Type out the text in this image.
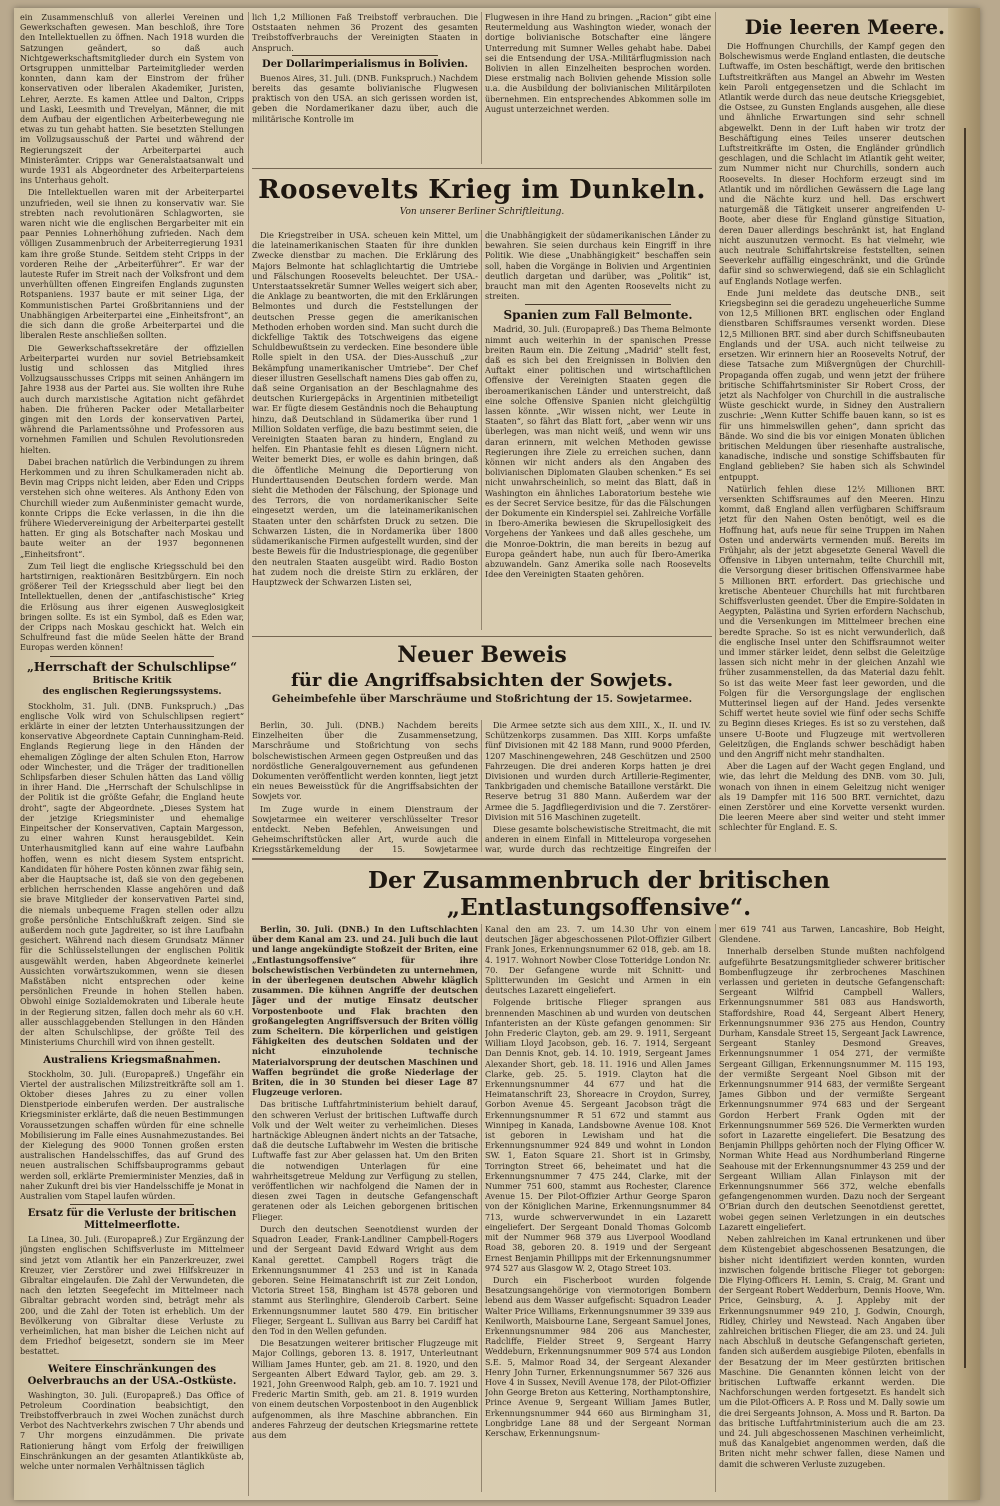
ein Zusammenschluß von allerlei Vereinen und Gewerkschaften gewesen. Man beschloß, ihre Tore den Intellektuellen zu öffnen. Nach 1918 wurden die Satzungen geändert, so daß auch Nichtgewerkschaftsmitglieder durch ein System von Ortsgruppen unmittelbar Parteimitglieder werden konnten, dann kam der Einstrom der früher konservativen oder liberalen Akademiker, Juristen, Lehrer, Aerzte. Es kamen Attlee und Dalton, Cripps und Laski, Leesmith und Trevelyan, Männer, die mit dem Aufbau der eigentlichen Arbeiterbewegung nie etwas zu tun gehabt hatten. Sie besetzten Stellungen im Vollzugsausschuß der Partei und während der Regierungszeit der Arbeiterpartei auch Ministerämter. Cripps war Generalstaatsanwalt und wurde 1931 als Abgeordneter des Arbeiterparteiens ins Unterhaus geholt.

Die Intellektuellen waren mit der Arbeiterpartei unzufrieden, weil sie ihnen zu konservativ war. Sie strebten nach revolutionären Schlagworten, sie waren nicht wie die englischen Bergarbeiter mit ein paar Pennies Lohnerhöhung zufrieden. Nach dem völligen Zusammenbruch der Arbeiterregierung 1931 kam ihre große Stunde. Seitdem steht Cripps in der vorderen Reihe der „Arbeiterführer“. Er war der lauteste Rufer im Streit nach der Volksfront und dem unverhüllten offenen Eingreifen Englands zugunsten Rotspaniens. 1937 baute er mit seiner Liga, der Kommunistischen Partei Großbritanniens und der Unabhängigen Arbeiterpartei eine „Einheitsfront“, an die sich dann die große Arbeiterpartei und die liberalen Reste anschließen sollten.

Die Gewerkschaftssekretäre der offiziellen Arbeiterpartei wurden nur soviel Betriebsamkeit lustig und schlossen das Mitglied ihres Vollzugsausschusses Cripps mit seinen Anhängern im Jahre 1938 aus der Partei aus. Sie wollten ihre Ruhe auch durch marxistische Agitation nicht gefährdet haben. Die früheren Packer oder Metallarbeiter gingen mit den Lords der konservativen Partei, während die Parlamentssöhne und Professoren aus vornehmen Familien und Schulen Revolutionsreden hielten.

Dabei brachen natürlich die Verbindungen zu ihrem Herkommen und zu ihren Schulkameraden nicht ab. Bevin mag Cripps nicht leiden, aber Eden und Cripps verstehen sich ohne weiteres. Als Anthony Eden von Churchill wieder zum Außenminister gemacht wurde, konnte Cripps die Ecke verlassen, in die ihn die frühere Wiedervereinigung der Arbeiterpartei gestellt hatten. Er ging als Botschafter nach Moskau und baute weiter an der 1937 begonnenen „Einheitsfront“.

Zum Teil liegt die englische Kriegsschuld bei den hartstirnigen, reaktionären Besitzbürgern. Ein noch größerer Teil der Kriegsschuld aber liegt bei den Intellektuellen, denen der „antifaschistische“ Krieg die Erlösung aus ihrer eigenen Ausweglosigkeit bringen sollte. Es ist ein Symbol, daß es Eden war, der Cripps nach Moskau geschickt hat. Welch ein Schulfreund fast die müde Seelen hätte der Brand Europas werden können!

„Herrschaft der Schulschlipse“
Britische Kritik
des englischen Regierungssystems.

Stockholm, 31. Juli. (DNB. Funkspruch.) „Das englische Volk wird von Schulschlipsen regiert“ erklärte in einer der letzten Unterhaussitzungen der konservative Abgeordnete Captain Cunningham-Reid. Englands Regierung liege in den Händen der ehemaligen Zöglinge der alten Schulen Eton, Harrow oder Winchester, und die Träger der traditionellen Schlipsfarben dieser Schulen hätten das Land völlig in ihrer Hand. Die „Herrschaft der Schulschlipse in der Politik ist die größte Gefahr, die England heute droht“, sagte der Abgeordnete. „Dieses System hat der jetzige Kriegsminister und ehemalige Einpeitscher der Konservativen, Captain Margesson, zu einer wahren Kunst herausgebildet. Kein Unterhausmitglied kann auf eine wahre Laufbahn hoffen, wenn es nicht diesem System entspricht. Kandidaten für höhere Posten können zwar fähig sein, aber die Hauptsache ist, daß sie von den gegebenen erblichen herrschenden Klasse angehören und daß sie brave Mitglieder der konservativen Partei sind, die niemals unbequeme Fragen stellen oder allzu große persönliche Entschlußkraft zeigen. Sind sie außerdem noch gute Jagdreiter, so ist ihre Laufbahn gesichert. Während nach diesem Grundsatz Männer für die Schlüsselstellungen der englischen Politik ausgewählt werden, haben Abgeordnete keinerlei Aussichten vorwärtszukommen, wenn sie diesen Maßstäben nicht entsprechen oder keine persönlichen Freunde in hohen Stellen haben. Obwohl einige Sozialdemokraten und Liberale heute in der Regierung sitzen, fallen doch mehr als 60 v.H. aller ausschlaggebenden Stellungen in den Händen der alten Schulschlipse, der größte Teil des Ministeriums Churchill wird von ihnen gestellt.

Australiens Kriegsmaßnahmen.

Stockholm, 30. Juli. (Europapreß.) Ungefähr ein Viertel der australischen Milizstreitkräfte soll am 1. Oktober dieses Jahres zu zu einer vollen Dienstperiode einberufen werden. Der australische Kriegsminister erklärte, daß die neuen Bestimmungen Voraussetzungen schaffen würden für eine schnelle Mobilisierung im Falle eines Ausnahmezustandes. Bei der Kielegung des 9000 Tonnen großen ersten australischen Handelsschiffes, das auf Grund des neuen australischen Schiffsbauprogramms gebaut werden soll, erklärte Premierminister Menzies, daß in naher Zukunft drei bis vier Handelsschiffe je Monat in Australien vom Stapel laufen würden.

Ersatz für die Verluste der britischen Mittelmeerflotte.

La Linea, 30. Juli. (Europapreß.) Zur Ergänzung der jüngsten englischen Schiffsverluste im Mittelmeer sind jetzt vom Atlantik her ein Panzerkreuzer, zwei Kreuzer, vier Zerstörer und zwei Hilfskreuzer in Gibraltar eingelaufen. Die Zahl der Verwundeten, die nach den letzten Seegefecht im Mittelmeer nach Gibraltar gebracht worden sind, beträgt mehr als 200, und die Zahl der Toten ist erheblich. Um der Bevölkerung von Gibraltar diese Verluste zu verheimlichen, hat man bisher die Leichen nicht auf dem Friedhof beigesetzt, sondern sie im Meer bestattet.

Weitere Einschränkungen des Oelverbrauchs an der USA.-Ostküste.

Washington, 30. Juli. (Europapreß.) Das Office of Petroleum Coordination beabsichtigt, den Treibstoffverbrauch in zwei Wochen zunächst durch Verbot des Nachtverkehrs zwischen 7 Uhr abends und 7 Uhr morgens einzudämmen. Die private Rationierung hängt vom Erfolg der freiwilligen Einschränkungen an der gesamten Atlantikküste ab, welche unter normalen Verhältnissen täglich

lich 1,2 Millionen Faß Treibstoff verbrauchen. Die Oststaaten nehmen 36 Prozent des gesamten Treibstoffverbrauchs der Vereinigten Staaten in Anspruch.

Der Dollarimperialismus in Bolivien.

Buenos Aires, 31. Juli. (DNB. Funkspruch.) Nachdem bereits das gesamte bolivianische Flugwesen praktisch von den USA. an sich gerissen worden ist, geben die Nordamerikaner dazu über, auch die militärische Kontrolle im

Flugwesen in ihre Hand zu bringen. „Racion“ gibt eine Reutermeldung aus Washington wieder, wonach der dortige bolivianische Botschafter eine längere Unterredung mit Sumner Welles gehabt habe. Dabei sei die Entsendung der USA.-Militärflugmission nach Bolivien in allen Einzelheiten besprochen worden. Diese erstmalig nach Bolivien gehende Mission solle u.a. die Ausbildung der bolivianischen Militärpiloten übernehmen. Ein entsprechendes Abkommen solle im August unterzeichnet werden.

Roosevelts Krieg im Dunkeln.
Von unserer Berliner Schriftleitung.

Die Kriegstreiber in USA. scheuen kein Mittel, um die lateinamerikanischen Staaten für ihre dunklen Zwecke dienstbar zu machen. Die Erklärung des Majors Belmonte hat schlaglichtartig die Umtriebe und Fälschungen Roosevelts beleuchtet. Der USA.-Unterstaatssekretär Sumner Welles weigert sich aber, die Anklage zu beantworten, die mit den Erklärungen Belmontes und durch die Feststellungen der deutschen Presse gegen die amerikanischen Methoden erhoben worden sind. Man sucht durch die dickfellige Taktik des Totschweigens das eigene Schuldbewußtsein zu verdecken. Eine besondere üble Rolle spielt in den USA. der Dies-Ausschuß „zur Bekämpfung unamerikanischer Umtriebe“. Der Chef dieser illustren Gesellschaft namens Dies gab offen zu, daß seine Organisation an der Beschlagnahme des deutschen Kuriergepäcks in Argentinien mitbeteiligt war. Er fügte diesem Geständnis noch die Behauptung hinzu, daß Deutschland in Südamerika über rund 1 Million Soldaten verfüge, die bazu bestimmt seien, die Vereinigten Staaten baran zu hindern, England zu helfen. Ein Phantasie fehlt es diesen Lügnern nicht. Weiter bemerkt Dies, er wolle es dahin bringen, daß die öffentliche Meinung die Deportierung von Hunderttausenden Deutschen fordern werde. Man sieht die Methoden der Fälschung, der Spionage und des Terrors, die von nordamerikanischer Seite eingesetzt werden, um die lateinamerikanischen Staaten unter den schärfsten Druck zu setzen. Die Schwarzen Listen, die in Nordamerika über 1800 südamerikanische Firmen aufgestellt wurden, sind der beste Beweis für die Industriespionage, die gegenüber den neutralen Staaten ausgeübt wird. Radio Boston hat zudem noch die dreiste Stirn zu erklären, der Hauptzweck der Schwarzen Listen sei,

die Unabhängigkeit der südamerikanischen Länder zu bewahren. Sie seien durchaus kein Eingriff in ihre Politik. Wie diese „Unabhängigkeit“ beschaffen sein soll, haben die Vorgänge in Bolivien und Argentinien deutlich dargetan und darüber, was „Politik“ ist, braucht man mit den Agenten Roosevelts nicht zu streiten.

Spanien zum Fall Belmonte.

Madrid, 30. Juli. (Europapreß.) Das Thema Belmonte nimmt auch weiterhin in der spanischen Presse breiten Raum ein. Die Zeitung „Madrid“ stellt fest, daß es sich bei den Ereignissen in Bolivien den Auftakt einer politischen und wirtschaftlichen Offensive der Vereinigten Staaten gegen die iberoamerikanischen Länder und unterstreicht, daß eine solche Offensive Spanien nicht gleichgültig lassen könnte. „Wir wissen nicht, wer Leute in Staaten“, so fährt das Blatt fort, „aber wenn wir uns überlegen, was man nicht weiß, und wenn wir uns daran erinnern, mit welchen Methoden gewisse Regierungen ihre Ziele zu erreichen suchen, dann können wir nicht anders als den Angaben des bolivianischen Diplomaten Glauben schenken.“ Es sei nicht unwahrscheinlich, so meint das Blatt, daß in Washington ein ähnliches Laboratorium bestehe wie es der Secret Service besitze, für das die Fälschungen der Dokumente ein Kinderspiel sei. Zahlreiche Vorfälle in Ibero-Amerika bewiesen die Skrupellosigkeit des Vorgehens der Yankees und daß alles geschehe, um die Monroe-Doktrin, die man bereits in bezug auf Europa geändert habe, nun auch für Ibero-Amerika abzuwandeln. Ganz Amerika solle nach Roosevelts Idee den Vereinigten Staaten gehören.

Neuer Beweis
für die Angriffsabsichten der Sowjets.
Geheimbefehle über Marschräume und Stoßrichtung der 15. Sowjetarmee.

Berlin, 30. Juli. (DNB.) Nachdem bereits Einzelheiten über die Zusammensetzung, Marschräume und Stoßrichtung von sechs bolschewistischen Armeen gegen Ostpreußen und das nordöstliche Generalgouvernement aus gefundenen Dokumenten veröffentlicht werden konnten, liegt jetzt ein neues Beweisstück für die Angriffsabsichten der Sowjets vor.

Im Zuge wurde in einem Dienstraum der Sowjetarmee ein weiterer verschlüsselter Tresor entdeckt. Neben Befehlen, Anweisungen und Geheimschriftstücken aller Art, wurde auch die Kriegsstärkemeldung der 15. Sowjetarmee

Die Armee setzte sich aus dem XIII., X., II. und IV. Schützenkorps zusammen. Das XIII. Korps umfaßte fünf Divisionen mit 42 188 Mann, rund 9000 Pferden, 1207 Maschinengewehren, 248 Geschützen und 2500 Fahrzeugen. Die drei anderen Korps hatten je drei Divisionen und wurden durch Artillerie-Regimenter, Tankbrigaden und chemische Bataillone verstärkt. Die Reserve betrug 31 880 Mann. Außerdem war der Armee die 5. Jagdfliegerdivision und die 7. Zerstörer-Division mit 516 Maschinen zugeteilt.

Diese gesamte bolschewistische Streitmacht, die mit anderen in einem Einfall in Mitteleuropa vorgesehen war, wurde durch das rechtzeitige Eingreifen der

Die leeren Meere.

Die Hoffnungen Churchills, der Kampf gegen den Bolschewismus werde England entlasten, die deutsche Luftwaffe, im Osten beschäftigt, werde den britischen Luftstreitkräften aus Mangel an Abwehr im Westen kein Paroli entgegensetzen und die Schlacht im Atlantik werde durch das neue deutsche Kriegsgebiet, die Ostsee, zu Gunsten Englands ausgehen, alle diese und ähnliche Erwartungen sind sehr schnell abgewelkt. Denn in der Luft haben wir trotz der Beschäftigung eines Teiles unserer deutschen Luftstreitkräfte im Osten, die Engländer gründlich geschlagen, und die Schlacht im Atlantik geht weiter, zum Nummer nicht nur Churchills, sondern auch Roosevelts. In dieser Hochform erzeugt sind im Atlantik und im nördlichen Gewässern die Lage lang und die Nächte kurz und hell. Das erschwert naturgemäß die Tätigkeit unserer angreifenden U-Boote, aber diese für England günstige Situation, deren Dauer allerdings beschränkt ist, hat England nicht auszunutzen vermocht. Es hat vielmehr, wie auch neutrale Schiffahrtskreise feststellten, seinen Seeverkehr auffällig eingeschränkt, und die Gründe dafür sind so schwerwiegend, daß sie ein Schlaglicht auf Englands Notlage werfen.

Ende Juni meldete das deutsche DNB., seit Kriegsbeginn sei die geradezu ungeheuerliche Summe von 12,5 Millionen BRT. englischen oder England dienstbaren Schiffsraumes versenkt worden. Diese 12,5 Millionen BRT. sind aber durch Schiffsneubauten Englands und der USA. auch nicht teilweise zu ersetzen. Wir erinnern hier an Roosevelts Notruf, der diese Tatsache zum Mißvergnügen der Churchill-Propaganda offen zugab, und wenn jetzt der frühere britische Schiffahrtsminister Sir Robert Cross, der jetzt als Nachfolger von Churchill in die australische Wüste geschickt wurde, in Sidney den Australiern zuschrie: „Wenn Kutter Schiffe bauen kann, so ist es für uns himmelswillen gehen“, dann spricht das Bände. Wo sind die bis vor einigen Monaten üblichen britischen Meldungen über riesenhafte australische, kanadische, indische und sonstige Schiffsbauten für England geblieben? Sie haben sich als Schwindel entpuppt.

Natürlich fehlen diese 12½ Millionen BRT. versenkten Schiffsraumes auf den Meeren. Hinzu kommt, daß England allen verfügbaren Schiffsraum jetzt für den Nahen Osten benötigt, weil es die Hoffnung hat, aufs neue für seine Truppen im Nahen Osten und anderwärts vermenden muß. Bereits im Frühjahr, als der jetzt abgesetzte General Wavell die Offensive in Libyen unternahm, teilte Churchill mit, die Versorgung dieser britischen Offensivarmee habe 5 Millionen BRT. erfordert. Das griechische und kretische Abenteuer Churchills hat mit furchtbaren Schiffsverlusten geendet. Über die Empire-Soldaten in Aegypten, Palästina und Syrien erfordern Nachschub, und die Versenkungen im Mittelmeer brechen eine beredte Sprache. So ist es nicht verwunderlich, daß die englische Insel unter den Schiffsraumnot weiter und immer stärker leidet, denn selbst die Geleitzüge lassen sich nicht mehr in der gleichen Anzahl wie früher zusammenstellen, da das Material dazu fehlt. So ist das weite Meer fast leer geworden, und die Folgen für die Versorgungslage der englischen Mutterinsel liegen auf der Hand. Jedes versenkte Schiff wertet heute soviel wie fünf oder sechs Schiffe zu Beginn dieses Krieges. Es ist so zu verstehen, daß unsere U-Boote und Flugzeuge mit wertvolleren Geleitzügen, die Englands schwer beschädigt haben und den Angriff nicht mehr standhalten.

Aber die Lagen auf der Wacht gegen England, und wie, das lehrt die Meldung des DNB. vom 30. Juli, wonach von ihnen in einem Geleitzug nicht weniger als 19 Dampfer mit 116 500 BRT. vernichtet, dazu einen Zerstörer und eine Korvette versenkt wurden. Die leeren Meere aber sind weiter und steht immer schlechter für England. E. S.

Der Zusammenbruch der britischen „Entlastungsoffensive“.

Berlin, 30. Juli. (DNB.) In den Luftschlachten über dem Kanal am 23. und 24. Juli buch die laut und lange angekündigte Stoßzeit der Briten, eine „Entlastungsoffensive“ für ihre bolschewistischen Verbündeten zu unternehmen, in der überlegenen deutschen Abwehr kläglich zusammen. Die kühnen Angriffe der deutschen Jäger und der mutige Einsatz deutscher Vorpostenboote und Flak brachten den großangelegten Angriffsversuch der Briten völlig zum Scheitern. Die körperlichen und geistigen Fähigkeiten des deutschen Soldaten und der nicht einzuholende technische Materialvorsprung der deutschen Maschinen und Waffen begründet die große Niederlage der Briten, die in 30 Stunden bei dieser Lage 87 Flugzeuge verloren.

Das britische Luftfahrtministerium behielt darauf, den schweren Verlust der britischen Luftwaffe durch Volk und der Welt weiter zu verheimlichen. Dieses hartnäckige Ableugnen ändert nichts an der Tatsache, daß die deutsche Luftabwehr im Westen die britische Luftwaffe fast zur Aber gelassen hat. Um den Briten die notwendigen Unterlagen für eine wahrheitsgetreue Meldung zur Verfügung zu stellen, veröffentlichen wir nachfolgend die Namen der in diesen zwei Tagen in deutsche Gefangenschaft geratenen oder als Leichen geborgenen britischen Flieger.

Durch den deutschen Seenotdienst wurden der Squadron Leader, Frank-Landliner Campbell-Rogers und der Sergeant David Edward Wright aus dem Kanal gerettet. Campbell Rogers trägt die Erkennungsnummer 41 253 und ist in Kanada geboren. Seine Heimatanschrift ist zur Zeit London, Victoria Street 158, Bingham ist 4578 geboren und stammt aus Sterlinghire, Glenderoib Carbert. Seine Erkennungsnummer lautet 580 479. Ein britischer Flieger, Sergeant L. Sullivan aus Barry bei Cardiff hat den Tod in den Wellen gefunden.

Die Besatzungen weiterer britischer Flugzeuge mit Major Collings, geboren 13. 8. 1917, Unterleutnant William James Hunter, geb. am 21. 8. 1920, und den Sergeanten Albert Edward Taylor, geb. am 29. 3. 1921, John Greenwood Ralph, geb. am 10. 7. 1921 und Frederic Martin Smith, geb. am 21. 8. 1919 wurden von einem deutschen Vorpostenboot in den Augenblick aufgenommen, als ihre Maschine abbranchen. Ein anderes Fahrzeug der deutschen Kriegsmarine rettete aus dem

Kanal den am 23. 7. um 14.30 Uhr von einem deutschen Jäger abgeschossenen Pilot-Offizier Gilbert Frank Jones, Erkennungsnummer 62 018, geb. am 18. 4. 1917. Wohnort Nowber Close Totteridge London Nr. 70. Der Gefangene wurde mit Schnitt- und Splitterwunden im Gesicht und Armen in ein deutsches Lazarett eingeliefert.

Folgende britische Flieger sprangen aus brennenden Maschinen ab und wurden von deutschen Infanteristen an der Küste gefangen genommen: Sir John Frederic Clayton, geb. am 29. 9. 1911, Sergeant William Lloyd Jacobson, geb. 16. 7. 1914, Sergeant Dan Dennis Knot, geb. 14. 10. 1919, Sergeant James Alexander Short, geb. 18. 11. 1916 und Allen James Clarke, geb. 25. 5. 1919. Clayton hat die Erkennungsnummer 44 677 und hat die Heimatanschrift 23, Shoreacre in Croydon, Surrey, Gorbon Avenue 45. Sergeant Jacobson trägt die Erkennungsnummer R 51 672 und stammt aus Winnipeg in Kanada, Landsbowne Avenue 108. Knot ist geboren in Lewisham und hat die Erkennungsnummer 924 849 und wohnt in London SW. 1, Eaton Square 21. Short ist in Grimsby, Torrington Street 66, beheimatet und hat die Erkennungsnummer 7 475 244, Clarke, mit der Nummer 751 600, stammt aus Rochester, Clarence Avenue 15. Der Pilot-Offizier Arthur George Sparon von der Königlichen Marine, Erkennungsnummer 84 713, wurde schwerverwundet in ein Lazarett eingeliefert. Der Sergeant Donald Thomas Golcomb mit der Nummer 968 379 aus Liverpool Woodland Road 38, geboren 20. 8. 1919 und der Sergeant Ernest Benjamin Phillipps mit der Erkennungsnummer 974 527 aus Glasgow W. 2, Otago Street 103.

Durch ein Fischerboot wurden folgende Besatzungsangehörige von viermotorigen Bombern lebend aus dem Wasser aufgefischt: Squadron Leader Walter Price Williams, Erkennungsnummer 39 339 aus Kenilworth, Maisbourne Lane, Sergeant Samuel Jones, Erkennungsnummer 984 206 aus Manchester, Radcliffe, Fielder Street 9, Sergeant Harry Weddeburn, Erkennungsnummer 909 574 aus London S.E. 5, Malmor Road 34, der Sergeant Alexander Henry John Turner, Erkennungsnummer 567 326 aus Hove 4 in Sussex, Nevill Avenue 178, der Pilot-Offizier John George Breton aus Kettering, Northamptonshire, Prince Avenue 9, Sergeant William James Butler, Erkennungsnummer 944 660 aus Birmingham 31, Longbridge Lane 88 und der Sergeant Norman Kerschaw, Erkennungsnum-

mer 619 741 aus Tarwen, Lancashire, Bob Height, Glendene.

Innerhalb derselben Stunde mußten nachfolgend aufgeführte Besatzungsmitglieder schwerer britischer Bombenflugzeuge ihr zerbrochenes Maschinen verlassen und gerieten in deutsche Gefangenschaft: Sergeant Wilfrid Campbell Wallers, Erkennungsnummer 581 083 aus Handsworth, Staffordshire, Road 44, Sergeant Albert Henery, Erkennungsnummer 936 275 aus Hendon, Country Durham, Kansdale Street 15, Sergeant Jack Lawrence, Sergeant Stanley Desmond Greaves, Erkennungsnummer 1 054 271, der vermißte Sergeant Gilligan, Erkennungsnummer M. 115 193, der vermißte Sergeant Noel Gibson mit der Erkennungsnummer 914 683, der vermißte Sergeant James Gibbon und der vermißte Sergeant Erkennungsnummer 974 683 und der Sergeant Gordon Herbert Frank Ogden mit der Erkennungsnummer 569 526. Die Vermerkten wurden sofort in Lazarette eingeliefert. Die Besatzung des Benjamin Phillpps gehörten noch der Flying Officer W. Norman White Head aus Nordhumberland Ringerne Seahouse mit der Erkennungsnummer 43 259 und der Sergeant William Allan Finlayson mit der Erkennungsnummer 566 372, welche ebenfalls gefangengenommen wurden. Dazu noch der Sergeant O’Brian durch den deutschen Seenotdienst gerettet, wobei gegen seinen Verletzungen in ein deutsches Lazarett eingeliefert.

Neben zahlreichen im Kanal ertrunkenen und über dem Küstengebiet abgeschossenen Besatzungen, die bisher nicht identifiziert werden konnten, wurden inzwischen folgende britische Flieger tot geborgen: Die Flying-Officers H. Lemin, S. Craig, M. Grant und der Sergeant Robert Wedderburn, Dennis Hoove, Wm. Price, Geinsburg, A. J. Appleby mit der Erkennungsnummer 949 210, J. Godwin, Cnourgh, Ridley, Chirley und Newstead. Nach Angaben über zahlreichen britischen Flieger, die am 23. und 24. Juli nach Abschluß in deutsche Gefangenschaft gerieten, fanden sich außerdem ausgiebige Piloten, ebenfalls in der Besatzung der im Meer gestürzten britischen Maschine. Die Genannten können leicht von der britischen Luftwaffe erkannt werden. Die Nachforschungen werden fortgesetzt. Es handelt sich um die Pilot-Officers A. P. Ross und M. Dally sowie um die drei Sergeants Johnson, A. Moss und R. Barton. Da das britische Luftfahrtministerium auch die am 23. und 24. Juli abgeschossenen Maschinen verheimlicht, muß das Kanalgebiet angenommen werden, daß die Briten nicht mehr schwer fallen, diese Namen und damit die schweren Verluste zuzugeben.
